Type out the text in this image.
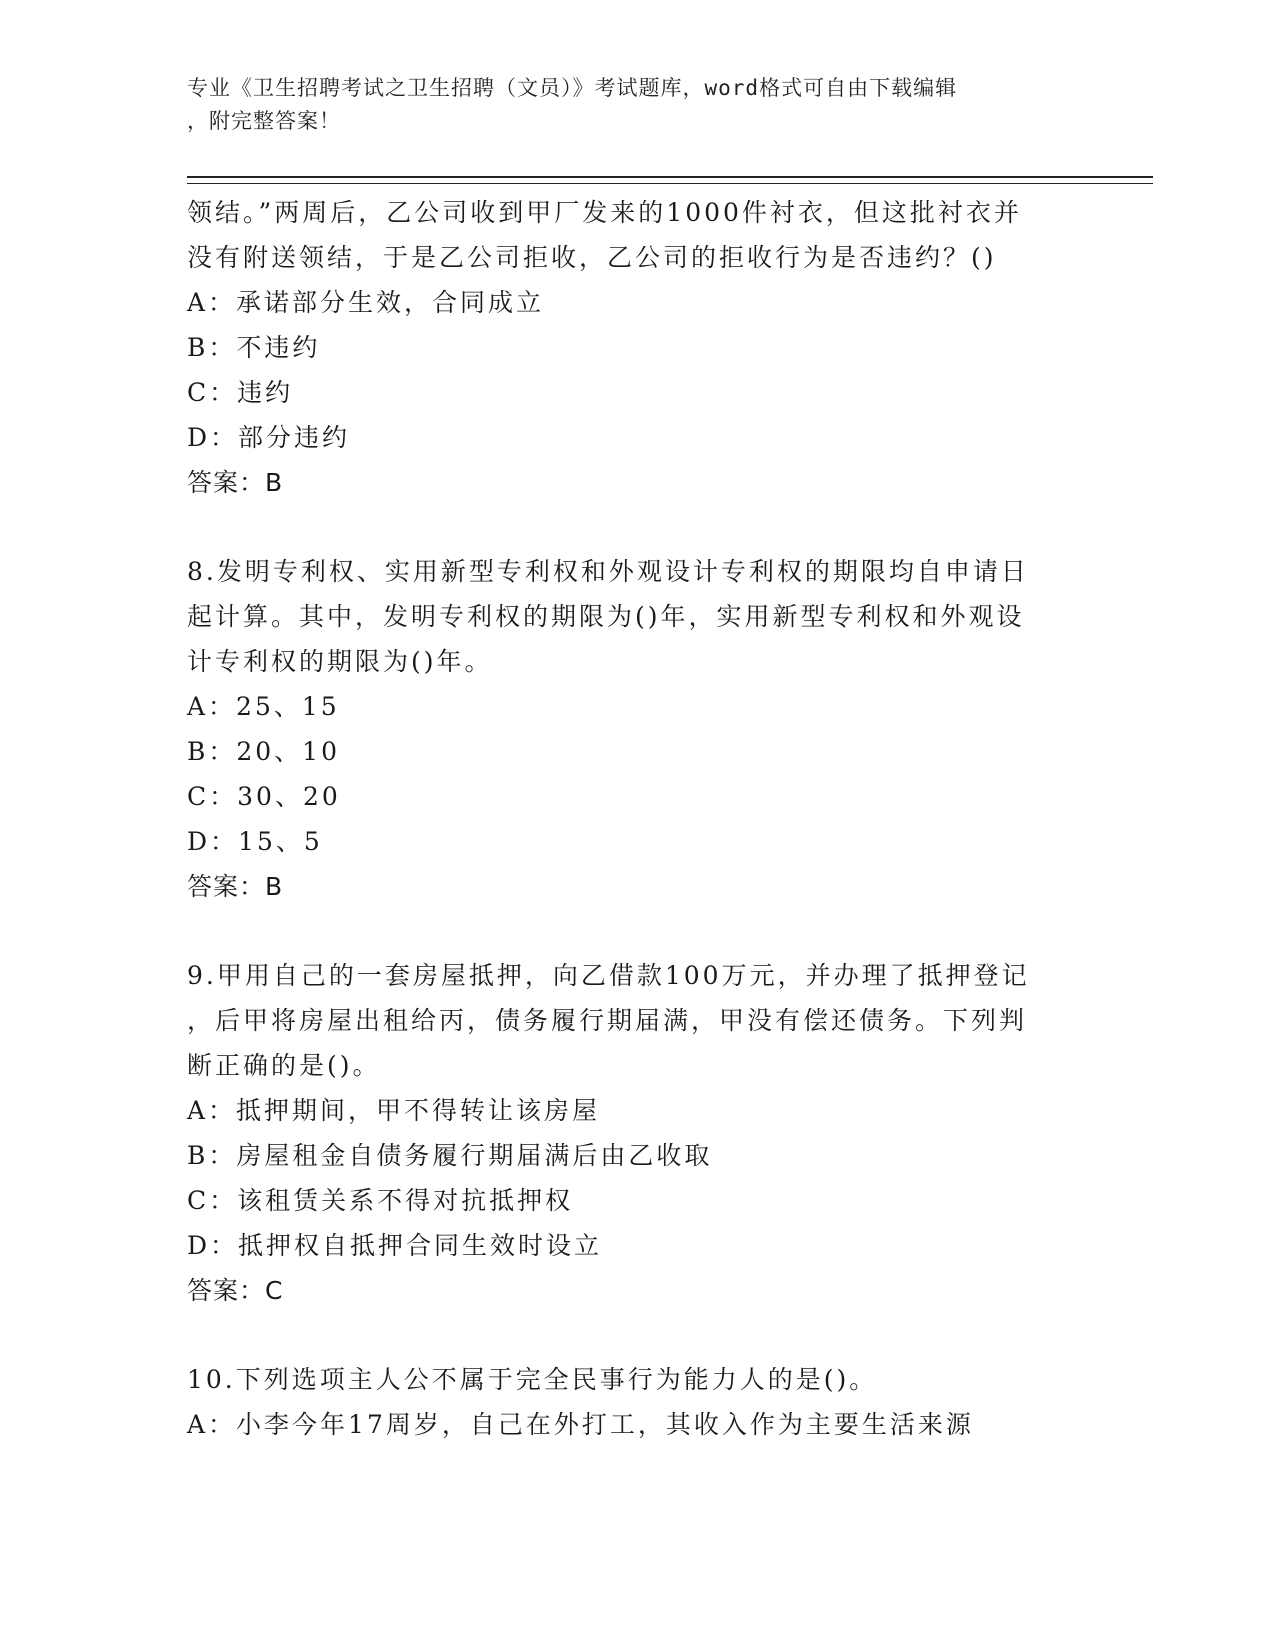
专业《卫生招聘考试之卫生招聘（文员）》考试题库，word格式可自由下载编辑
，附完整答案！
领结。”两周后，乙公司收到甲厂发来的1000件衬衣，但这批衬衣并
没有附送领结，于是乙公司拒收，乙公司的拒收行为是否违约？()
A：承诺部分生效，合同成立
B：不违约
C：违约
D：部分违约
答案：B
8.发明专利权、实用新型专利权和外观设计专利权的期限均自申请日
起计算。其中，发明专利权的期限为()年，实用新型专利权和外观设
计专利权的期限为()年。
A：25、15
B：20、10
C：30、20
D：15、5
答案：B
9.甲用自己的一套房屋抵押，向乙借款100万元，并办理了抵押登记
，后甲将房屋出租给丙，债务履行期届满，甲没有偿还债务。下列判
断正确的是()。
A：抵押期间，甲不得转让该房屋
B：房屋租金自债务履行期届满后由乙收取
C：该租赁关系不得对抗抵押权
D：抵押权自抵押合同生效时设立
答案：C
10.下列选项主人公不属于完全民事行为能力人的是()。
A：小李今年17周岁，自己在外打工，其收入作为主要生活来源
